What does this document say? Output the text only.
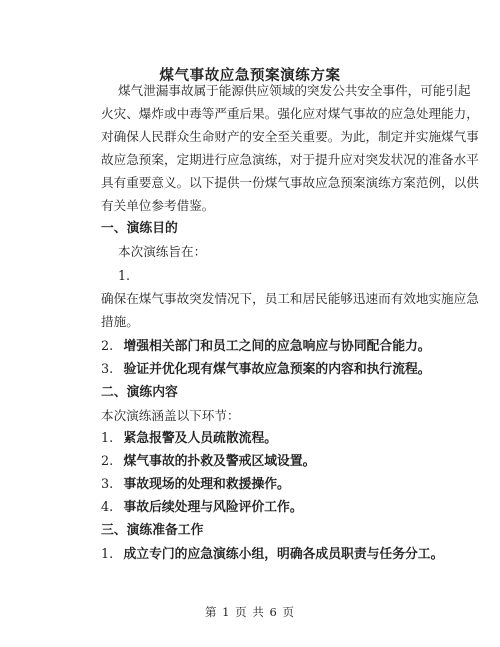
煤气事故应急预案演练方案
煤气泄漏事故属于能源供应领域的突发公共安全事件，可能引起
火灾、爆炸或中毒等严重后果。强化应对煤气事故的应急处理能力，
对确保人民群众生命财产的安全至关重要。为此，制定并实施煤气事
故应急预案，定期进行应急演练，对于提升应对突发状况的准备水平
具有重要意义。以下提供一份煤气事故应急预案演练方案范例，以供
有关单位参考借鉴。
一、演练目的
本次演练旨在：
1.
确保在煤气事故突发情况下，员工和居民能够迅速而有效地实施应急
措施。
2. 增强相关部门和员工之间的应急响应与协同配合能力。
3. 验证并优化现有煤气事故应急预案的内容和执行流程。
二、演练内容
本次演练涵盖以下环节：
1. 紧急报警及人员疏散流程。
2. 煤气事故的扑救及警戒区域设置。
3. 事故现场的处理和救援操作。
4. 事故后续处理与风险评价工作。
三、演练准备工作
1. 成立专门的应急演练小组，明确各成员职责与任务分工。
第 1 页 共 6 页
